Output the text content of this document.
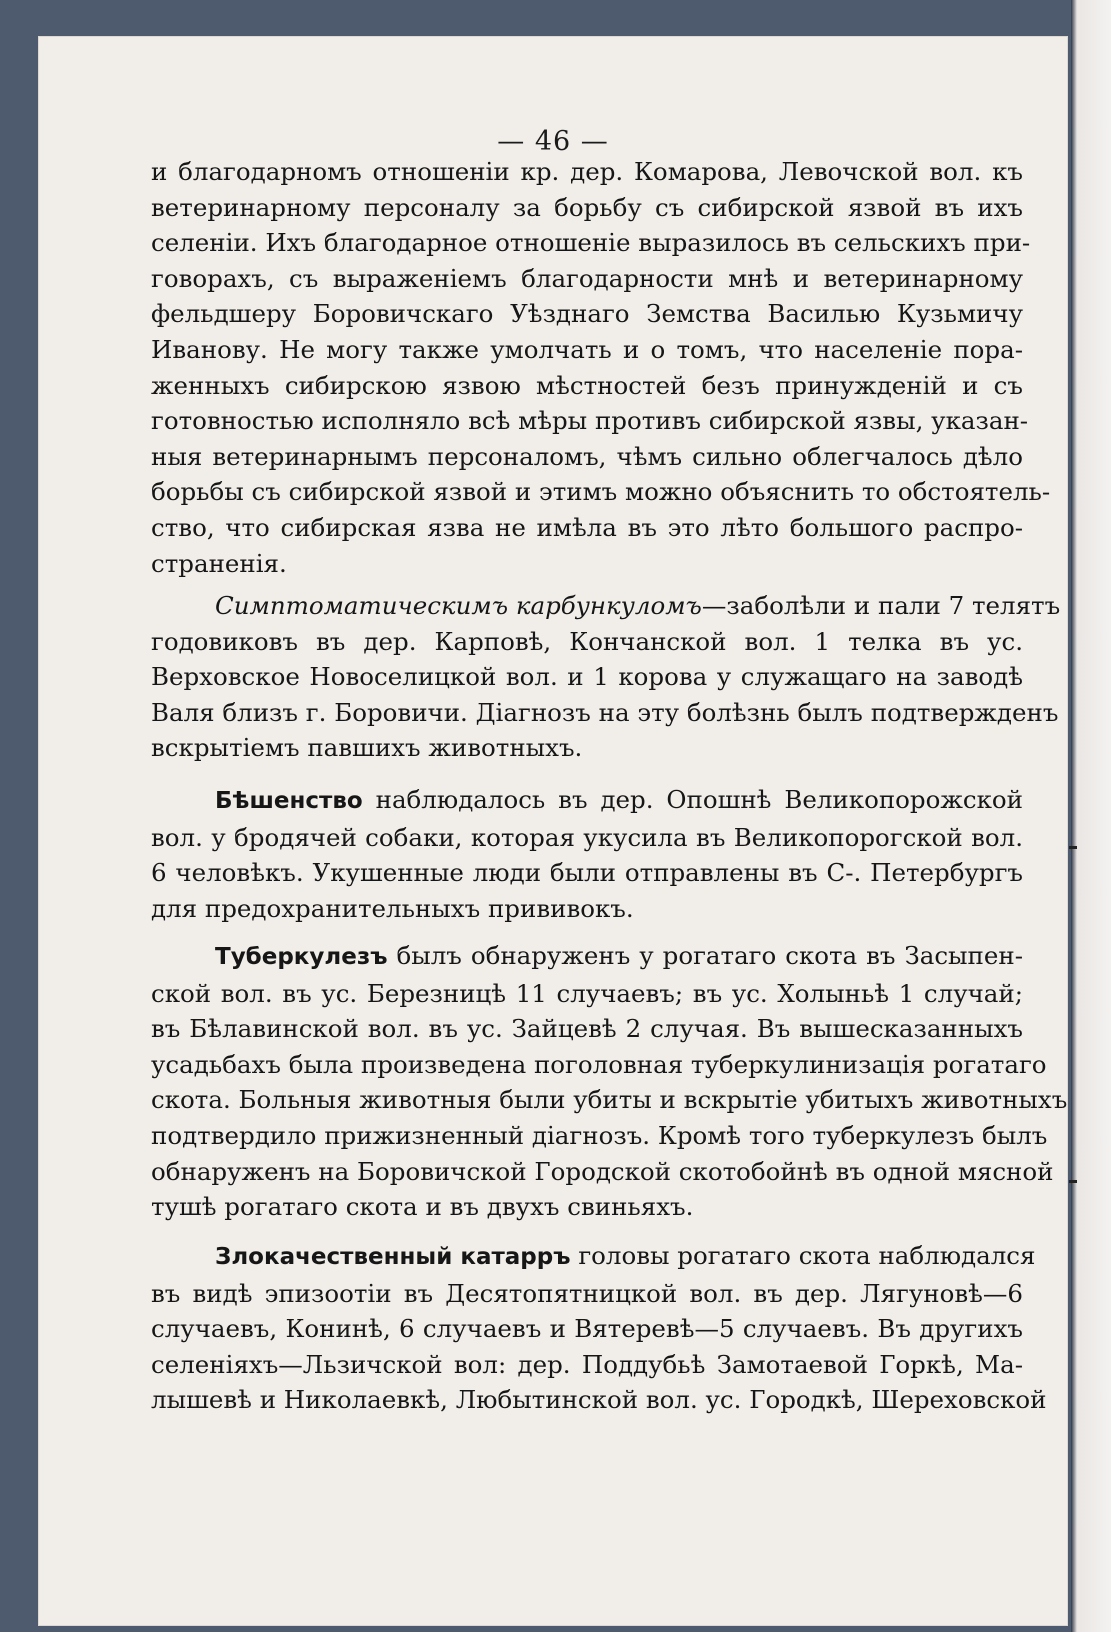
— 46 —
и благодарномъ отношеніи кр. дер. Комарова, Левочской вол. къ
ветеринарному персоналу за борьбу съ сибирской язвой въ ихъ
селеніи. Ихъ благодарное отношеніе выразилось въ сельскихъ при-
говорахъ, съ выраженіемъ благодарности мнѣ и ветеринарному
фельдшеру Боровичскаго Уѣзднаго Земства Василью Кузьмичу
Иванову. Не могу также умолчать и о томъ, что населеніе пора-
женныхъ сибирскою язвою мѣстностей безъ принужденій и съ
готовностью исполняло всѣ мѣры противъ сибирской язвы, указан-
ныя ветеринарнымъ персоналомъ, чѣмъ сильно облегчалось дѣло
борьбы съ сибирской язвой и этимъ можно объяснить то обстоятель-
ство, что сибирская язва не имѣла въ это лѣто большого распро-
страненія.
Симптоматическимъ карбункуломъ—заболѣли и пали 7 телятъ
годовиковъ въ дер. Карповѣ, Кончанской вол. 1 телка въ ус.
Верховское Новоселицкой вол. и 1 корова у служащаго на заводѣ
Валя близъ г. Боровичи. Діагнозъ на эту болѣзнь былъ подтвержденъ
вскрытіемъ павшихъ животныхъ.
Бѣшенство наблюдалось въ дер. Опошнѣ Великопорожской
вол. у бродячей собаки, которая укусила въ Великопорогской вол.
6 человѣкъ. Укушенные люди были отправлены въ С-. Петербургъ
для предохранительныхъ прививокъ.
Туберкулезъ былъ обнаруженъ у рогатаго скота въ Засыпен-
ской вол. въ ус. Березницѣ 11 случаевъ; въ ус. Холыньѣ 1 случай;
въ Бѣлавинской вол. въ ус. Зайцевѣ 2 случая. Въ вышесказанныхъ
усадьбахъ была произведена поголовная туберкулинизація рогатаго
скота. Больныя животныя были убиты и вскрытіе убитыхъ животныхъ
подтвердило прижизненный діагнозъ. Кромѣ того туберкулезъ былъ
обнаруженъ на Боровичской Городской скотобойнѣ въ одной мясной
тушѣ рогатаго скота и въ двухъ свиньяхъ.
Злокачественный катарръ головы рогатаго скота наблюдался
въ видѣ эпизоотіи въ Десятопятницкой вол. въ дер. Лягуновѣ—6
случаевъ, Конинѣ, 6 случаевъ и Вятеревѣ—5 случаевъ. Въ другихъ
селеніяхъ—Льзичской вол: дер. Поддубьѣ Замотаевой Горкѣ, Ма-
лышевѣ и Николаевкѣ, Любытинской вол. ус. Городкѣ, Шереховской
